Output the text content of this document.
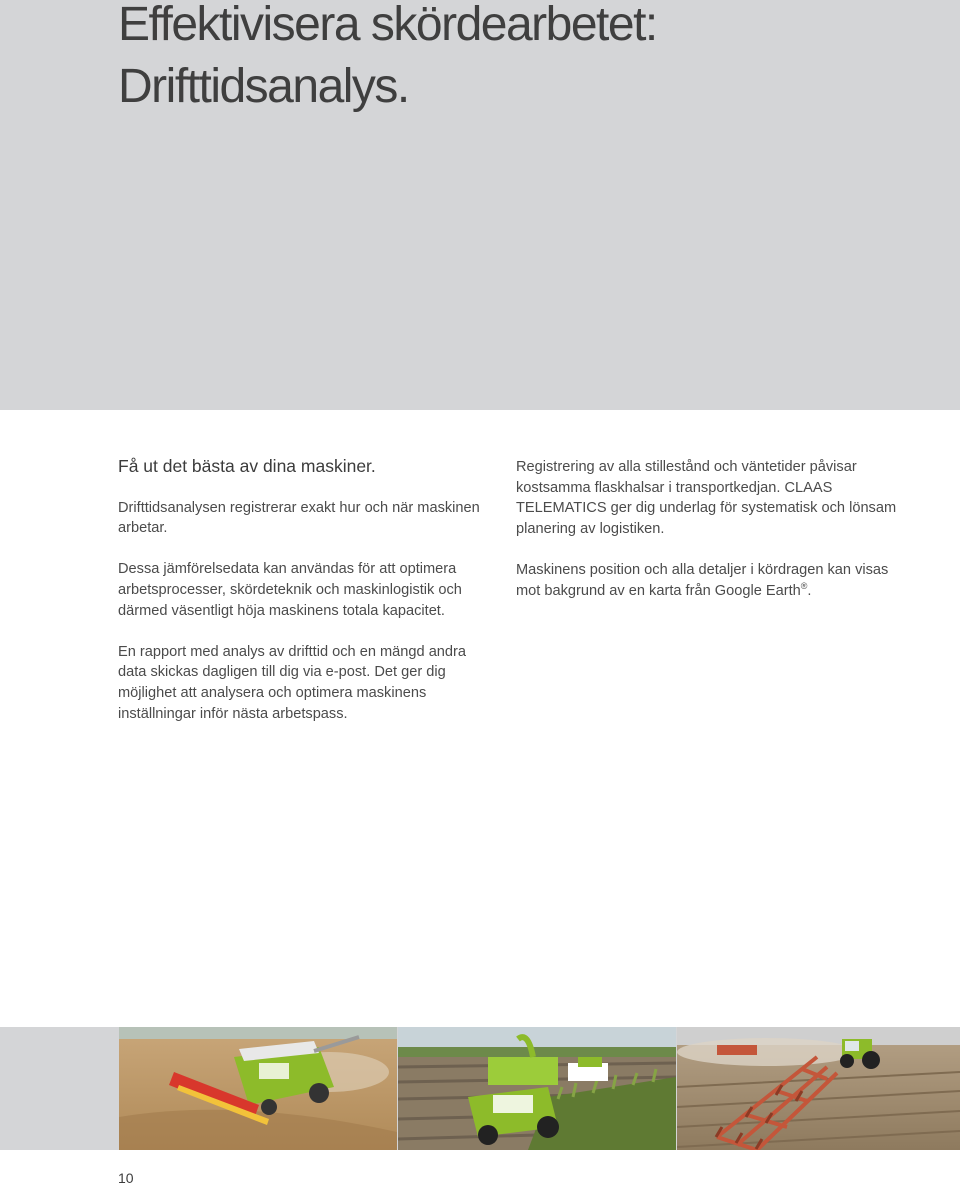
Effektivisera skördearbetet:
Drifttidsanalys.

Få ut det bästa av dina maskiner.

Drifttidsanalysen registrerar exakt hur och när maskinen arbetar.

Dessa jämförelsedata kan användas för att optimera arbetsprocesser, skördeteknik och maskinlogistik och därmed väsentligt höja maskinens totala kapacitet.

En rapport med analys av drifttid och en mängd andra data skickas dagligen till dig via e-post. Det ger dig möjlighet att analysera och optimera maskinens inställningar inför nästa arbetspass.

Registrering av alla stillestånd och väntetider påvisar kostsamma flaskhalsar i transportkedjan. CLAAS TELEMATICS ger dig underlag för systematisk och lönsam planering av logistiken.

Maskinens position och alla detaljer i kördragen kan visas mot bakgrund av en karta från Google Earth®.

10
